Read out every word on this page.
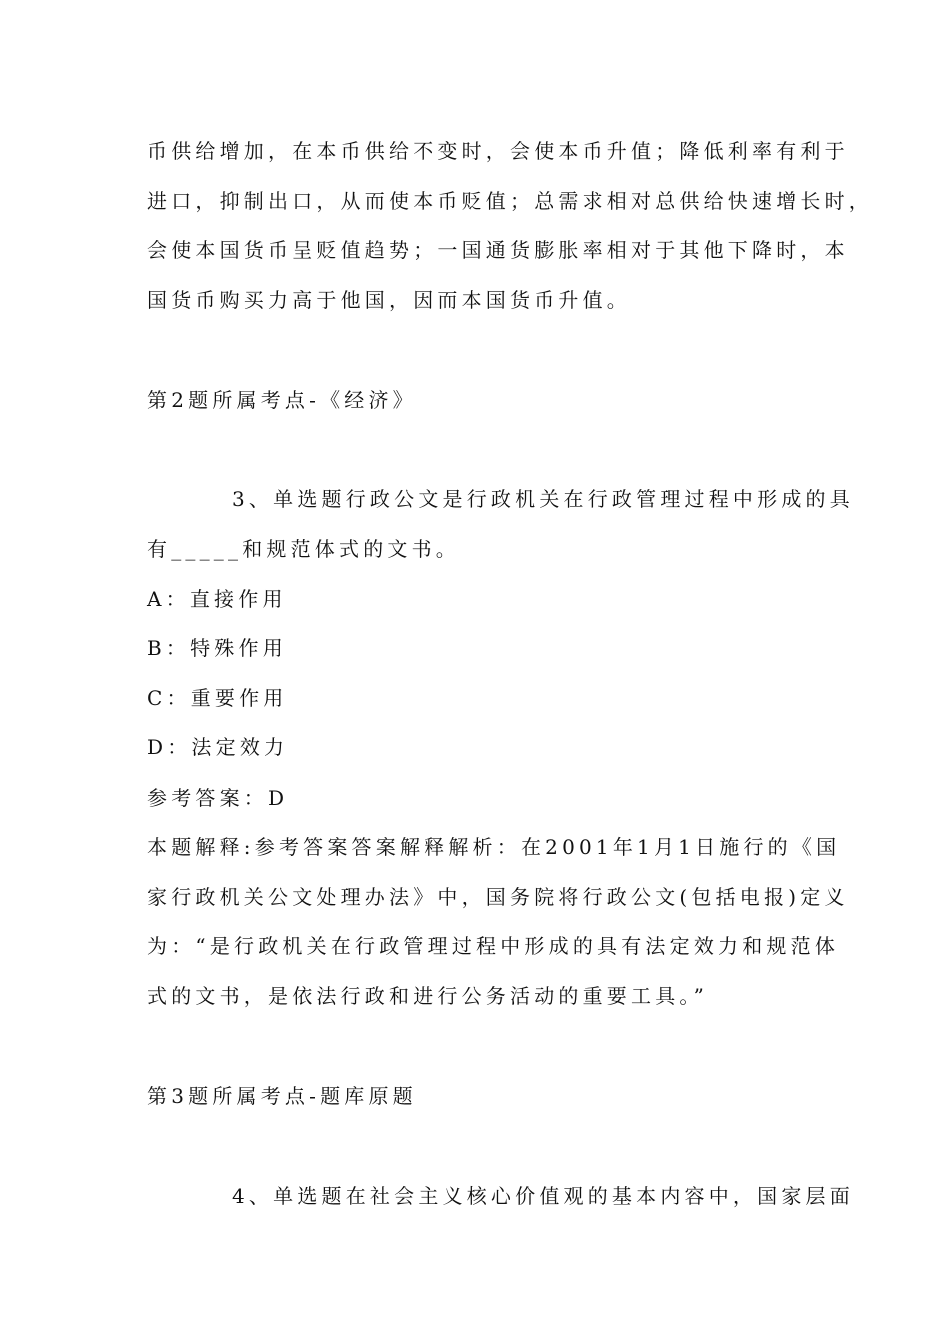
币供给增加，在本币供给不变时，会使本币升值；降低利率有利于
进口，抑制出口，从而使本币贬值；总需求相对总供给快速增长时，
会使本国货币呈贬值趋势；一国通货膨胀率相对于其他下降时，本
国货币购买力高于他国，因而本国货币升值。
第2题所属考点-《经济》
3、单选题行政公文是行政机关在行政管理过程中形成的具
有_____和规范体式的文书。
A：直接作用
B：特殊作用
C：重要作用
D：法定效力
参考答案：D
本题解释:参考答案答案解释解析：在2001年1月1日施行的《国
家行政机关公文处理办法》中，国务院将行政公文(包括电报)定义
为：“是行政机关在行政管理过程中形成的具有法定效力和规范体
式的文书，是依法行政和进行公务活动的重要工具。”
第3题所属考点-题库原题
4、单选题在社会主义核心价值观的基本内容中，国家层面
